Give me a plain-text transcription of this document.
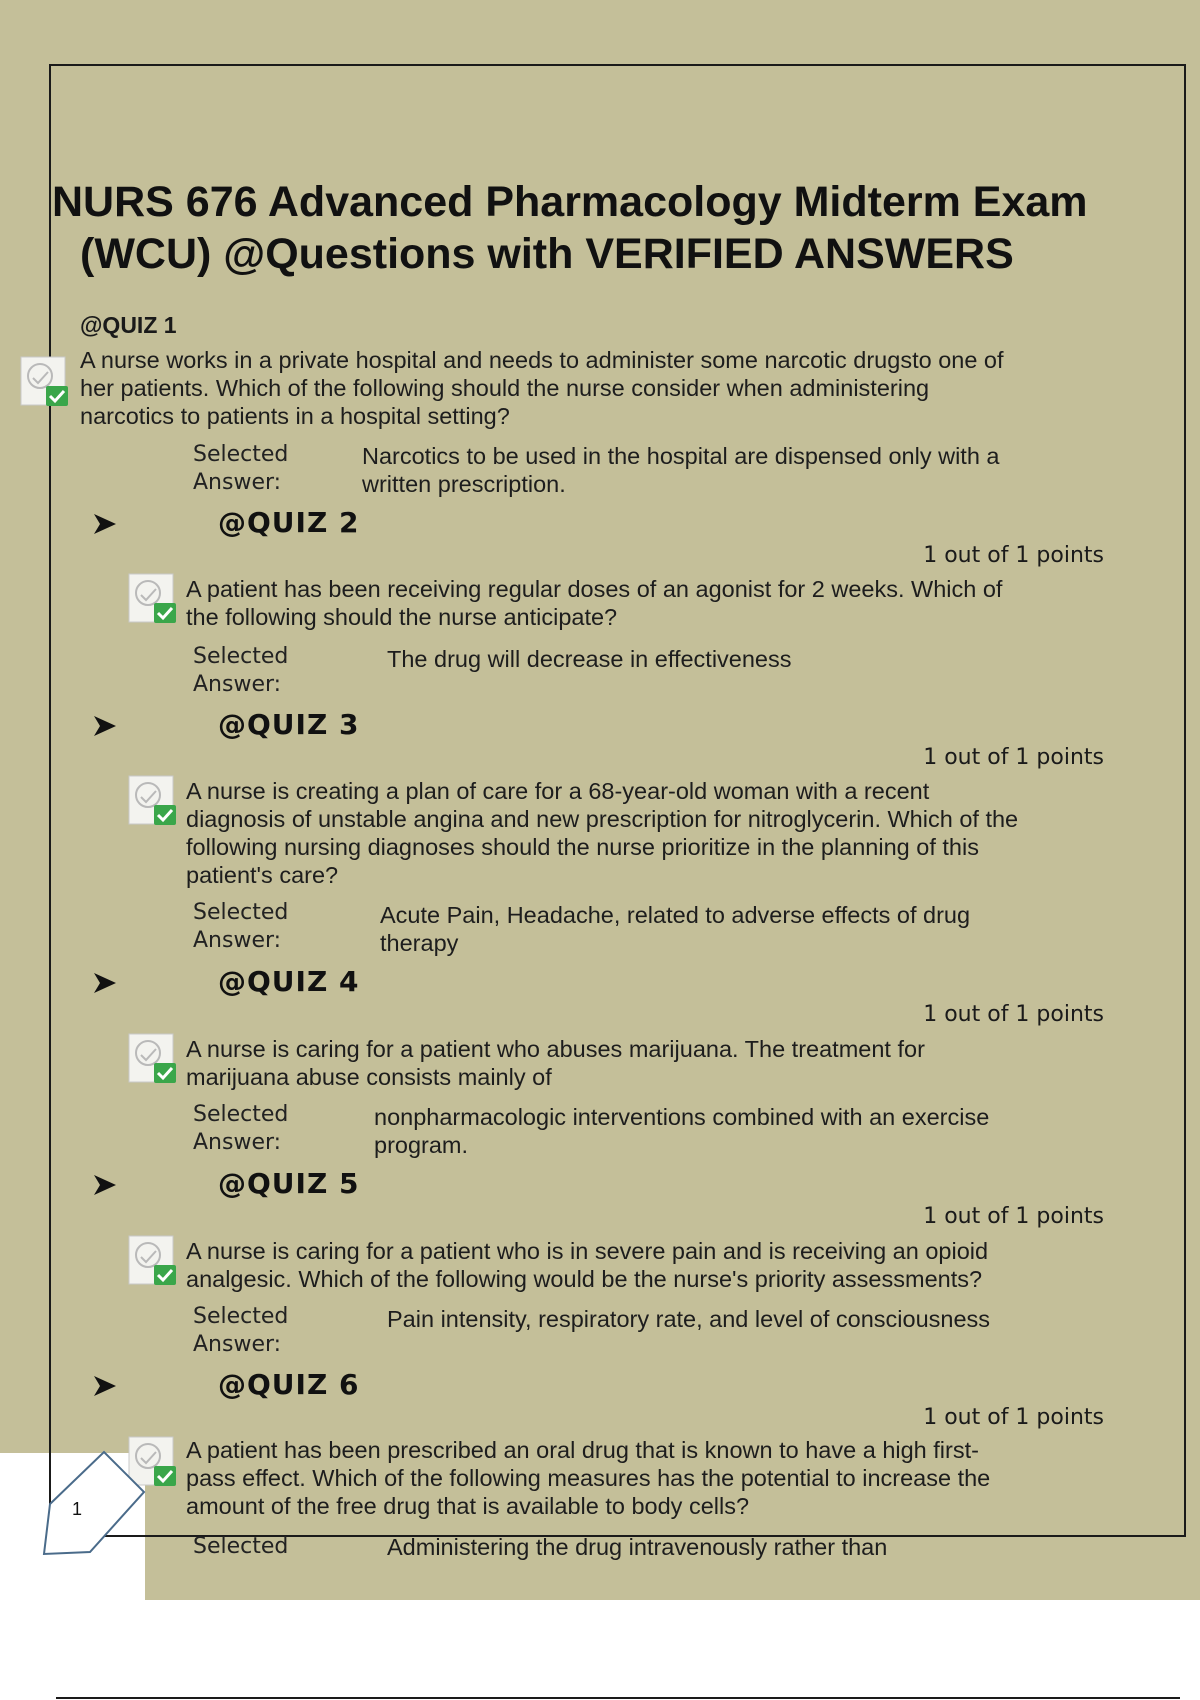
NURS 676 Advanced Pharmacology Midterm Exam
(WCU) @Questions with VERIFIED ANSWERS
@QUIZ 1
A nurse works in a private hospital and needs to administer some narcotic drugsto one of
her patients. Which of the following should the nurse consider when administering
narcotics to patients in a hospital setting?
Selected
Answer:
Narcotics to be used in the hospital are dispensed only with a
written prescription.
@QUIZ 2
1 out of 1 points
A patient has been receiving regular doses of an agonist for 2 weeks. Which of
the following should the nurse anticipate?
Selected
Answer:
The drug will decrease in effectiveness
@QUIZ 3
1 out of 1 points
A nurse is creating a plan of care for a 68-year-old woman with a recent
diagnosis of unstable angina and new prescription for nitroglycerin. Which of the
following nursing diagnoses should the nurse prioritize in the planning of this
patient's care?
Selected
Answer:
Acute Pain, Headache, related to adverse effects of drug
therapy
@QUIZ 4
1 out of 1 points
A nurse is caring for a patient who abuses marijuana. The treatment for
marijuana abuse consists mainly of
Selected
Answer:
nonpharmacologic interventions combined with an exercise
program.
@QUIZ 5
1 out of 1 points
A nurse is caring for a patient who is in severe pain and is receiving an opioid
analgesic. Which of the following would be the nurse's priority assessments?
Selected
Answer:
Pain intensity, respiratory rate, and level of consciousness
@QUIZ 6
1 out of 1 points
A patient has been prescribed an oral drug that is known to have a high first-
pass effect. Which of the following measures has the potential to increase the
amount of the free drug that is available to body cells?
Selected	Administering the drug intravenously rather than
1
